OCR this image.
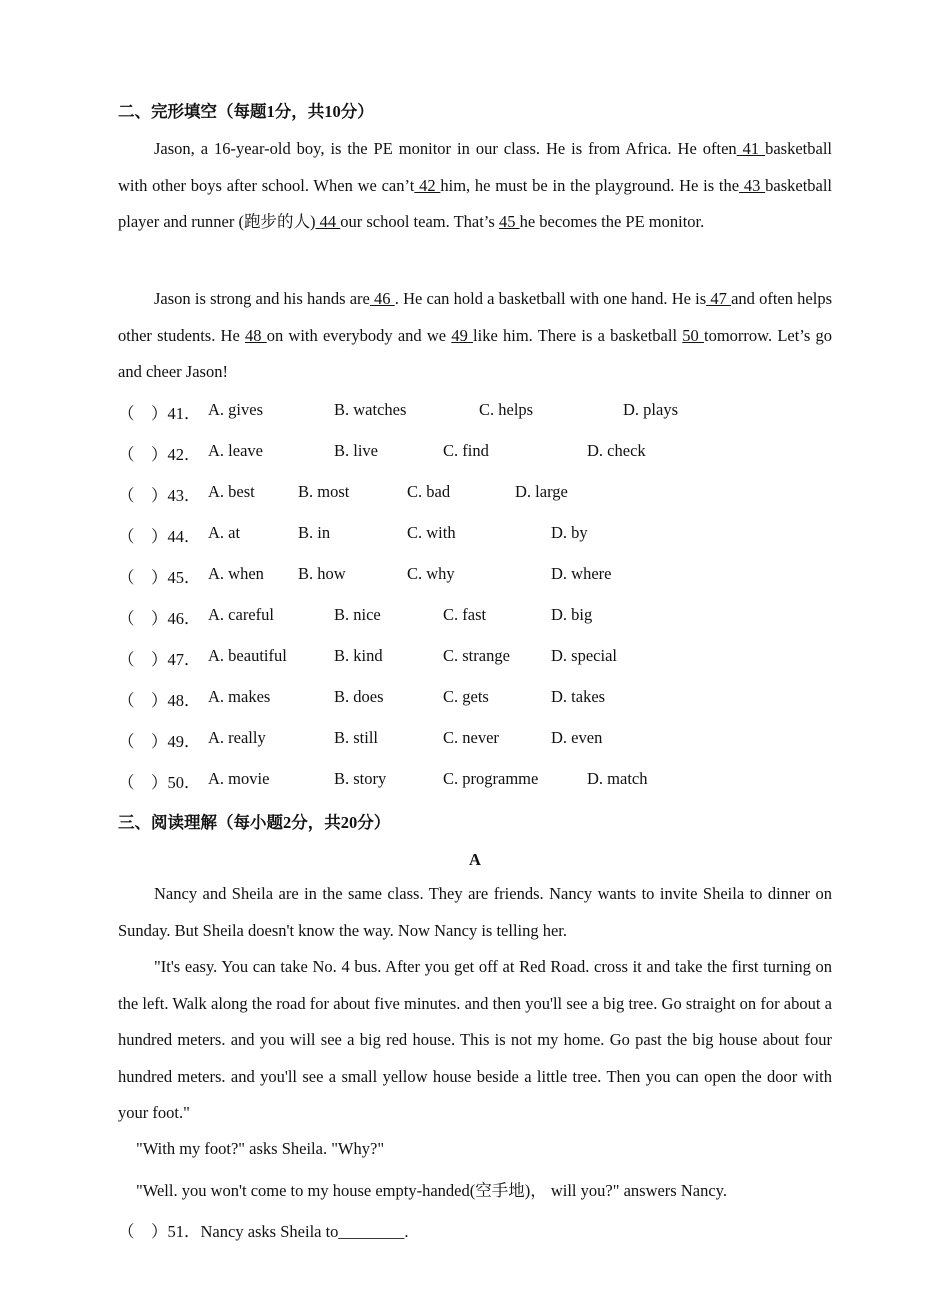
二、完形填空（每题1分，共10分）
Jason, a 16-year-old boy, is the PE monitor in our class. He is from Africa. He often 41 basketball with other boys after school. When we can’t 42 him, he must be in the playground. He is the 43 basketball player and runner (跑步的人) 44 our school team. That’s 45 he becomes the PE monitor.
Jason is strong and his hands are 46 . He can hold a basketball with one hand. He is 47 and often helps other students. He 48 on with everybody and we 49 like him. There is a basketball 50 tomorrow. Let’s go and cheer Jason!
（　）41． A. gives	B. watches	C. helps	D. plays
（　）42． A. leave	B. live	C. find	D. check
（　）43． A. best	B. most	C. bad	D. large
（　）44． A. at	B. in	C. with	D. by
（　）45． A. when B. how	C. why	D. where
（　）46． A. careful	B. nice	C. fast	D. big
（　）47． A. beautiful	B. kind	C. strange D. special
（　）48． A. makes	B. does	C. gets	D. takes
（　）49． A. really	B. still	C. never	D. even
（　）50． A. movie	B. story	C. programme	D. match
三、阅读理解（每小题2分，共20分）
A
Nancy and Sheila are in the same class. They are friends. Nancy wants to invite Sheila to dinner on Sunday. But Sheila doesn't know the way. Now Nancy is telling her.
"It's easy. You can take No. 4 bus. After you get off at Red Road. cross it and take the first turning on the left. Walk along the road for about five minutes. and then you'll see a big tree. Go straight on for about a hundred meters. and you will see a big red house. This is not my home. Go past the big house about four hundred meters. and you'll see a small yellow house beside a little tree. Then you can open the door with your foot."
"With my foot?" asks Sheila. "Why?"
"Well. you won't come to my house empty-handed(空手地)， will you?" answers Nancy.
（　）51．Nancy asks Sheila to________.
